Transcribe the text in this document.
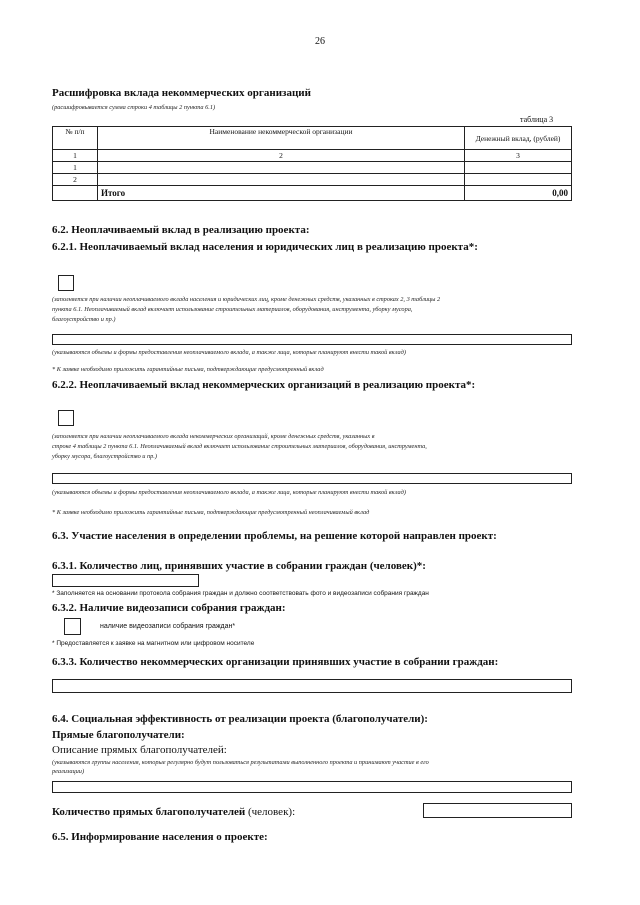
26
Расшифровка вклада некоммерческих организаций
(расшифровывается сумма строки 4 таблицы 2 пункта 6.1)
таблица 3
№ п/п	Наименование некоммерческой организации	Денежный вклад, (рублей)
1	2	3
1		
2		
	Итого	0,00
6.2. Неоплачиваемый вклад в реализацию проекта:
6.2.1. Неоплачиваемый вклад населения и юридических лиц в реализацию проекта*:
(заполняется при наличии неоплачиваемого вклада населения и юридических лиц, кроме денежных средств, указанных в строках 2, 3 таблицы 2
пункта 6.1. Неоплачиваемый вклад включает использование строительных материалов, оборудования, инструмента, уборку мусора,
благоустройство и пр.)
(указываются объемы и формы предоставления неоплачиваемого вклада, а также лица, которые планируют внести такой вклад)
* К заявке необходимо приложить гарантийные письма, подтверждающие предусмотренный вклад
6.2.2. Неоплачиваемый вклад некоммерческих организаций в реализацию проекта*:
(заполняется при наличии неоплачиваемого вклада некоммерческих организаций, кроме денежных средств, указанных в
строке 4 таблицы 2 пункта 6.1. Неоплачиваемый вклад включает использование строительных материалов, оборудования, инструмента,
уборку мусора, благоустройство и пр.)
(указываются объемы и формы предоставления неоплачиваемого вклада, а также лица, которые планируют внести такой вклад)
* К заявке необходимо приложить гарантийные письма, подтверждающие предусмотренный неоплачиваемый вклад
6.3. Участие населения в определении проблемы, на решение которой направлен проект:
6.3.1. Количество лиц, принявших участие в собрании граждан (человек)*:
* Заполняется на основании протокола собрания граждан и должно соответствовать фото и видеозаписи собрания граждан
6.3.2. Наличие видеозаписи собрания граждан:
наличие видеозаписи собрания граждан*
* Предоставляется к заявке на магнитном или цифровом носителе
6.3.3. Количество некоммерческих организации принявших участие в собрании граждан:
6.4. Социальная эффективность от реализации проекта (благополучатели):
Прямые благополучатели:
Описание прямых благополучателей:
(указываются группы населения, которые регулярно будут пользоваться результатами выполненного проекта и принимают участие в его
реализации)
Количество прямых благополучателей (человек):
6.5. Информирование населения о проекте:
